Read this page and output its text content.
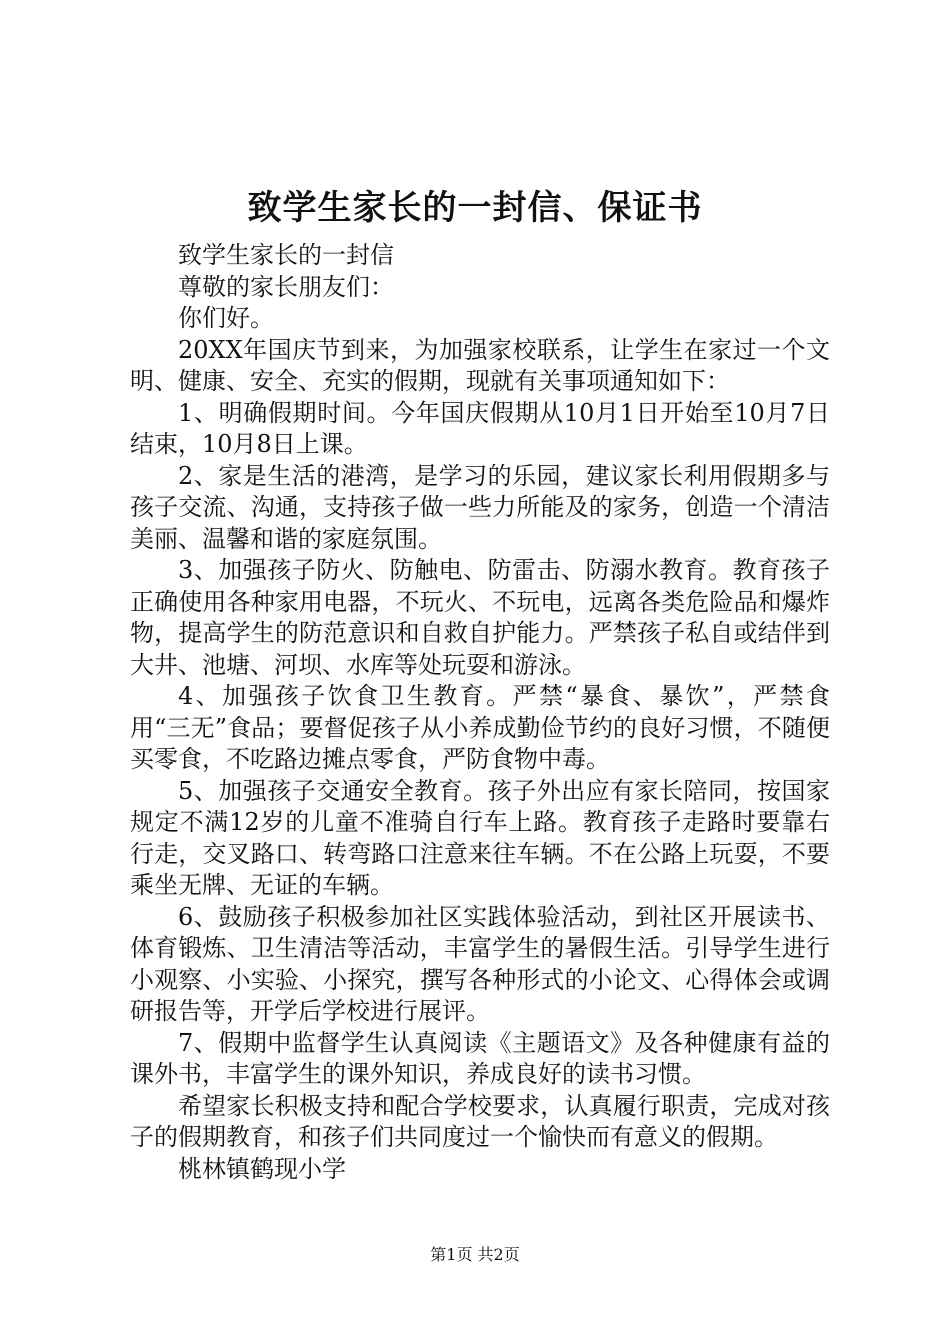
致学生家长的一封信、保证书

致学生家长的一封信

尊敬的家长朋友们：

你们好。

20XX年国庆节到来，为加强家校联系，让学生在家过一个文明、健康、安全、充实的假期，现就有关事项通知如下：

1、明确假期时间。今年国庆假期从10月1日开始至10月7日结束，10月8日上课。

2、家是生活的港湾，是学习的乐园，建议家长利用假期多与孩子交流、沟通，支持孩子做一些力所能及的家务，创造一个清洁美丽、温馨和谐的家庭氛围。

3、加强孩子防火、防触电、防雷击、防溺水教育。教育孩子正确使用各种家用电器，不玩火、不玩电，远离各类危险品和爆炸物，提高学生的防范意识和自救自护能力。严禁孩子私自或结伴到大井、池塘、河坝、水库等处玩耍和游泳。

4、加强孩子饮食卫生教育。严禁“暴食、暴饮”，严禁食用“三无”食品；要督促孩子从小养成勤俭节约的良好习惯，不随便买零食，不吃路边摊点零食，严防食物中毒。

5、加强孩子交通安全教育。孩子外出应有家长陪同，按国家规定不满12岁的儿童不准骑自行车上路。教育孩子走路时要靠右行走，交叉路口、转弯路口注意来往车辆。不在公路上玩耍，不要乘坐无牌、无证的车辆。

6、鼓励孩子积极参加社区实践体验活动，到社区开展读书、体育锻炼、卫生清洁等活动，丰富学生的暑假生活。引导学生进行小观察、小实验、小探究，撰写各种形式的小论文、心得体会或调研报告等，开学后学校进行展评。

7、假期中监督学生认真阅读《主题语文》及各种健康有益的课外书，丰富学生的课外知识，养成良好的读书习惯。

希望家长积极支持和配合学校要求，认真履行职责，完成对孩子的假期教育，和孩子们共同度过一个愉快而有意义的假期。

桃林镇鹤现小学

第1页 共2页
